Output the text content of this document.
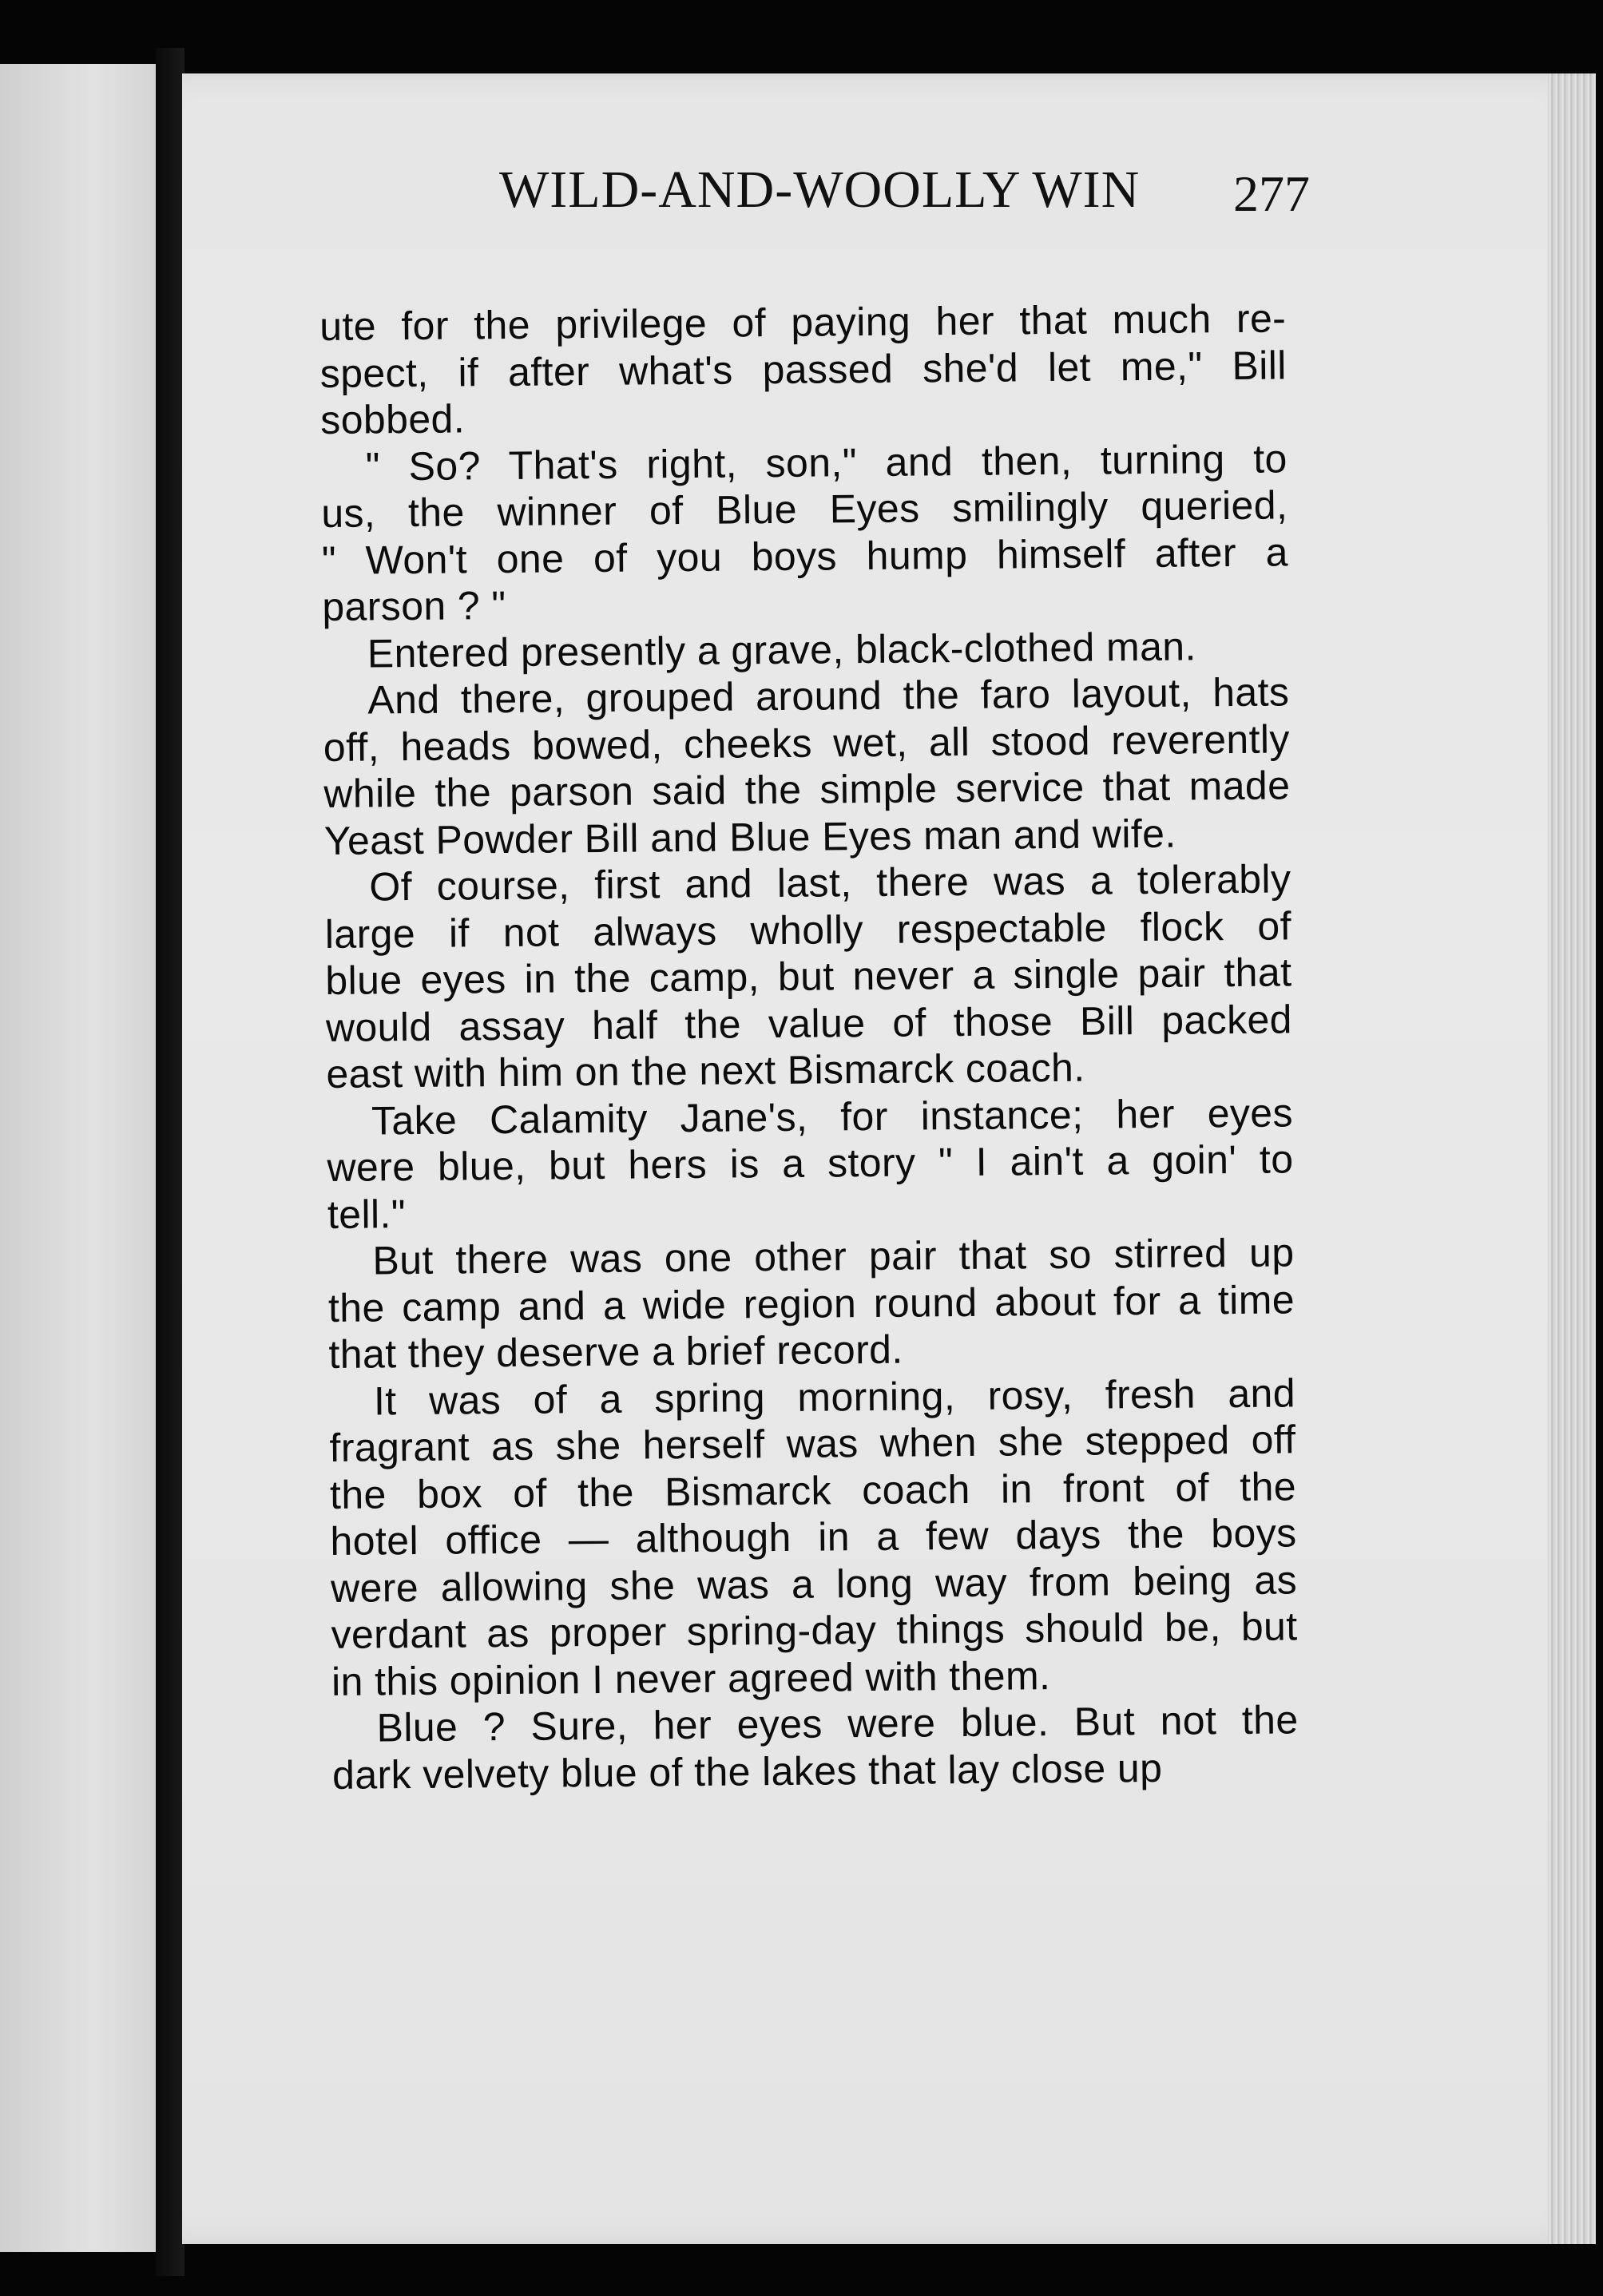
WILD-AND-WOOLLY WIN 277
ute for the privilege of paying her that much re-
spect, if after what's passed she'd let me," Bill
sobbed.
" So? That's right, son," and then, turning to
us, the winner of Blue Eyes smilingly queried,
" Won't one of you boys hump himself after a
parson ? "
Entered presently a grave, black-clothed man.
And there, grouped around the faro layout, hats
off, heads bowed, cheeks wet, all stood reverently
while the parson said the simple service that made
Yeast Powder Bill and Blue Eyes man and wife.
Of course, first and last, there was a tolerably
large if not always wholly respectable flock of
blue eyes in the camp, but never a single pair that
would assay half the value of those Bill packed
east with him on the next Bismarck coach.
Take Calamity Jane's, for instance; her eyes
were blue, but hers is a story " I ain't a goin' to
tell."
But there was one other pair that so stirred up
the camp and a wide region round about for a time
that they deserve a brief record.
It was of a spring morning, rosy, fresh and
fragrant as she herself was when she stepped off
the box of the Bismarck coach in front of the
hotel office — although in a few days the boys
were allowing she was a long way from being as
verdant as proper spring-day things should be, but
in this opinion I never agreed with them.
Blue ? Sure, her eyes were blue. But not the
dark velvety blue of the lakes that lay close up
